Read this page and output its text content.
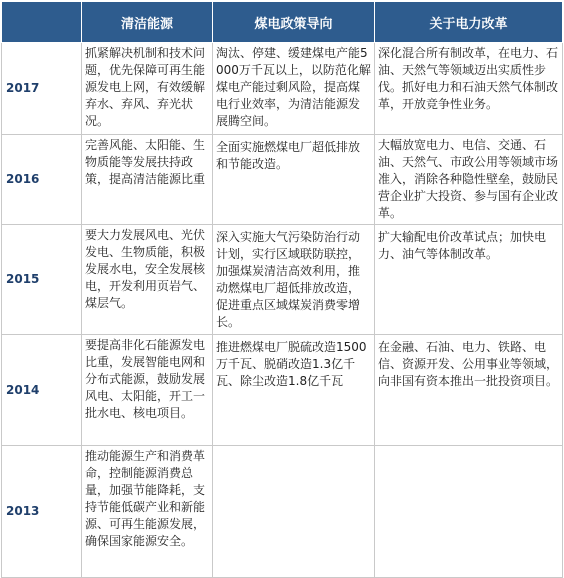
	清洁能源	煤电政策导向	关于电力改革
2017	抓紧解决机制和技术问题，优先保障可再生能源发电上网，有效缓解弃水、弃风、弃光状况。	淘汰、停建、缓建煤电产能5000万千瓦以上，以防范化解煤电产能过剩风险，提高煤电行业效率，为清洁能源发展腾空间。	深化混合所有制改革，在电力、石油、天然气等领域迈出实质性步伐。抓好电力和石油天然气体制改革，开放竞争性业务。
2016	完善风能、太阳能、生物质能等发展扶持政策，提高清洁能源比重	全面实施燃煤电厂超低排放和节能改造。	大幅放宽电力、电信、交通、石油、天然气、市政公用等领域市场准入，消除各种隐性壁垒，鼓励民营企业扩大投资、参与国有企业改革。
2015	要大力发展风电、光伏发电、生物质能，积极发展水电，安全发展核电，开发利用页岩气、煤层气。	深入实施大气污染防治行动计划，实行区域联防联控，加强煤炭清洁高效利用，推动燃煤电厂超低排放改造，促进重点区域煤炭消费零增长。	扩大输配电价改革试点；加快电力、油气等体制改革。
2014	要提高非化石能源发电比重，发展智能电网和分布式能源，鼓励发展风电、太阳能，开工一批水电、核电项目。	推进燃煤电厂脱硫改造1500万千瓦、脱硝改造1.3亿千瓦、除尘改造1.8亿千瓦	在金融、石油、电力、铁路、电信、资源开发、公用事业等领域，向非国有资本推出一批投资项目。
2013	推动能源生产和消费革命，控制能源消费总量，加强节能降耗，支持节能低碳产业和新能源、可再生能源发展，确保国家能源安全。		
